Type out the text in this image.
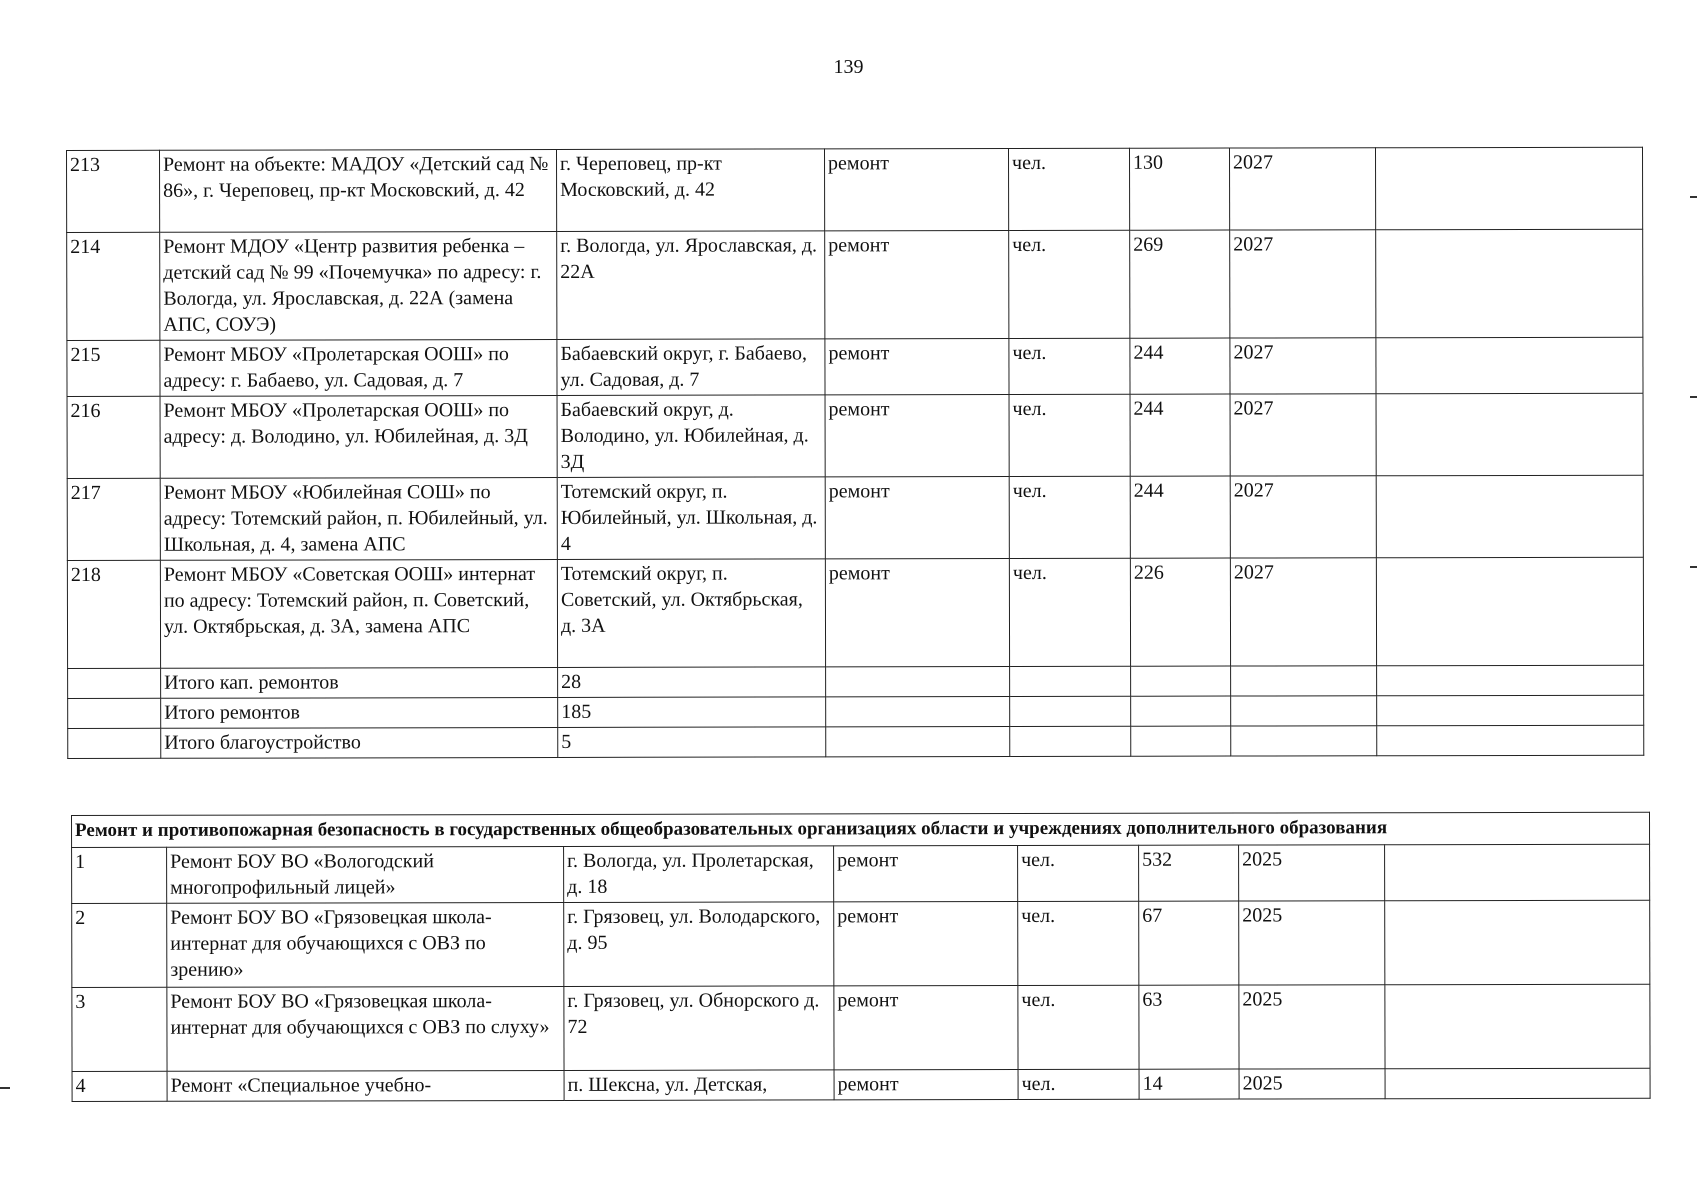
139
213	Ремонт на объекте: МАДОУ «Детский сад № 86», г. Череповец, пр-кт Московский, д. 42	г. Череповец, пр-кт Московский, д. 42	ремонт	чел.	130	2027	
214	Ремонт МДОУ «Центр развития ребенка – детский сад № 99 «Почемучка» по адресу: г. Вологда, ул. Ярославская, д. 22А (замена АПС, СОУЭ)	г. Вологда, ул. Ярославская, д. 22А	ремонт	чел.	269	2027	
215	Ремонт МБОУ «Пролетарская ООШ» по адресу: г. Бабаево, ул. Садовая, д. 7	Бабаевский округ, г. Бабаево, ул. Садовая, д. 7	ремонт	чел.	244	2027	
216	Ремонт МБОУ «Пролетарская ООШ» по адресу: д. Володино, ул. Юбилейная, д. 3Д	Бабаевский округ, д. Володино, ул. Юбилейная, д. 3Д	ремонт	чел.	244	2027	
217	Ремонт МБОУ «Юбилейная СОШ» по адресу: Тотемский район, п. Юбилейный, ул. Школьная, д. 4, замена АПС	Тотемский округ, п. Юбилейный, ул. Школьная, д. 4	ремонт	чел.	244	2027	
218	Ремонт МБОУ «Советская ООШ» интернат по адресу: Тотемский район, п. Советский, ул. Октябрьская, д. 3А, замена АПС	Тотемский округ, п. Советский, ул. Октябрьская, д. 3А	ремонт	чел.	226	2027	
	Итого кап. ремонтов	28					
	Итого ремонтов	185					
	Итого благоустройство	5					
Ремонт и противопожарная безопасность в государственных общеобразовательных организациях области и учреждениях дополнительного образования							
1	Ремонт БОУ ВО «Вологодский многопрофильный лицей»	г. Вологда, ул. Пролетарская, д. 18	ремонт	чел.	532	2025	
2	Ремонт БОУ ВО «Грязовецкая школа-интернат для обучающихся с ОВЗ по зрению»	г. Грязовец, ул. Володарского, д. 95	ремонт	чел.	67	2025	
3	Ремонт БОУ ВО «Грязовецкая школа-интернат для обучающихся с ОВЗ по слуху»	г. Грязовец, ул. Обнорского д. 72	ремонт	чел.	63	2025	
4	Ремонт «Специальное учебно-	п. Шексна, ул. Детская,	ремонт	чел.	14	2025	
